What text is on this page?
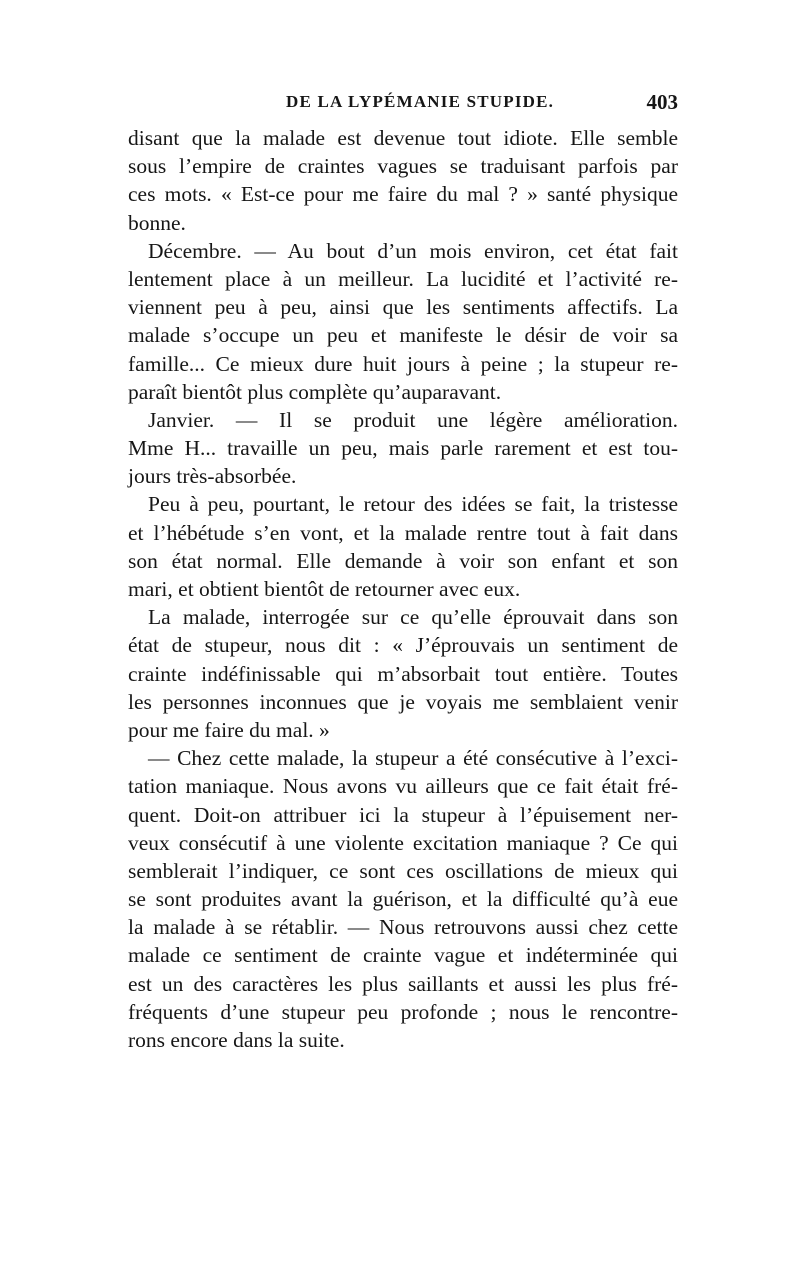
DE LA LYPÉMANIE STUPIDE.	403
disant que la malade est devenue tout idiote. Elle semble
sous l’empire de craintes vagues se traduisant parfois par
ces mots. « Est-ce pour me faire du mal ? » santé physique
bonne.
Décembre. — Au bout d’un mois environ, cet état fait
lentement place à un meilleur. La lucidité et l’activité re-
viennent peu à peu, ainsi que les sentiments affectifs. La
malade s’occupe un peu et manifeste le désir de voir sa
famille... Ce mieux dure huit jours à peine ; la stupeur re-
paraît bientôt plus complète qu’auparavant.
Janvier. — Il se produit une légère amélioration.
Mme H... travaille un peu, mais parle rarement et est tou-
jours très-absorbée.
Peu à peu, pourtant, le retour des idées se fait, la tristesse
et l’hébétude s’en vont, et la malade rentre tout à fait dans
son état normal. Elle demande à voir son enfant et son
mari, et obtient bientôt de retourner avec eux.
La malade, interrogée sur ce qu’elle éprouvait dans son
état de stupeur, nous dit : « J’éprouvais un sentiment de
crainte indéfinissable qui m’absorbait tout entière. Toutes
les personnes inconnues que je voyais me semblaient venir
pour me faire du mal. »
— Chez cette malade, la stupeur a été consécutive à l’exci-
tation maniaque. Nous avons vu ailleurs que ce fait était fré-
quent. Doit-on attribuer ici la stupeur à l’épuisement ner-
veux consécutif à une violente excitation maniaque ? Ce qui
semblerait l’indiquer, ce sont ces oscillations de mieux qui
se sont produites avant la guérison, et la difficulté qu’à eue
la malade à se rétablir. — Nous retrouvons aussi chez cette
malade ce sentiment de crainte vague et indéterminée qui
est un des caractères les plus saillants et aussi les plus fré-
fréquents d’une stupeur peu profonde ; nous le rencontre-
rons encore dans la suite.
